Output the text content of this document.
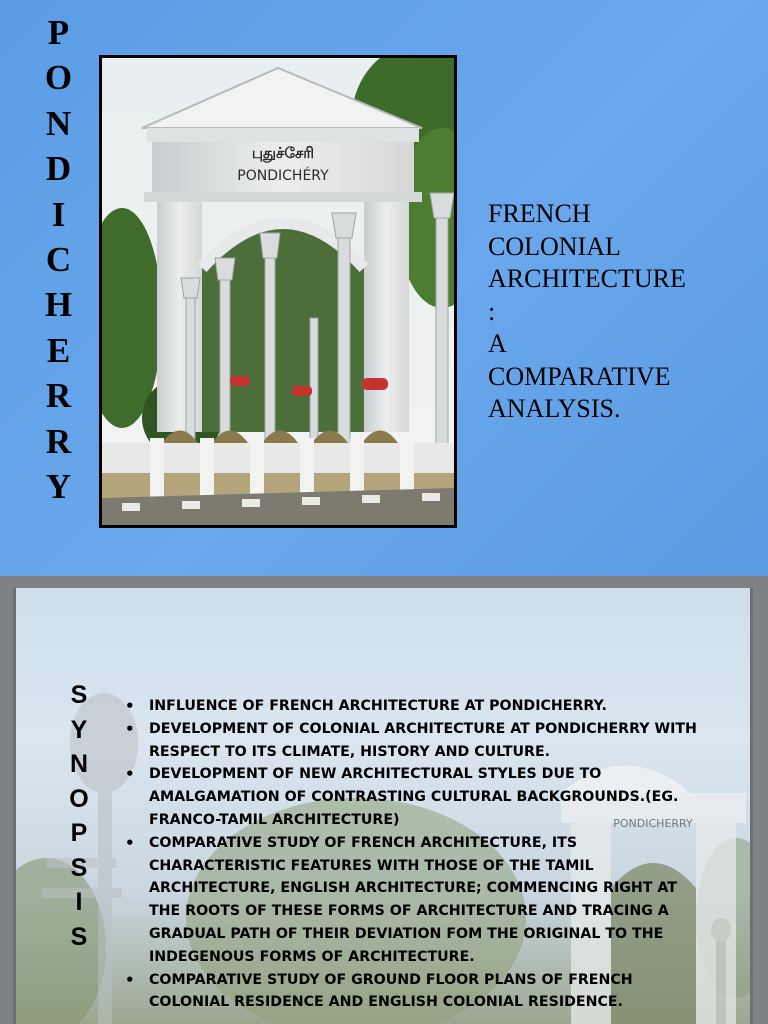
P
O
N
D
I
C
H
E
R
R
Y
புதுச்சேரி
PONDICHÉRY
FRENCH
COLONIAL
ARCHITECTURE
:
A
COMPARATIVE
ANALYSIS.
PONDICHERRY
S
Y
N
O
P
S
I
S
• INFLUENCE OF FRENCH ARCHITECTURE AT PONDICHERRY.
• DEVELOPMENT OF COLONIAL ARCHITECTURE AT PONDICHERRY WITH RESPECT TO ITS CLIMATE, HISTORY AND CULTURE.
• DEVELOPMENT OF NEW ARCHITECTURAL STYLES DUE TO AMALGAMATION OF CONTRASTING CULTURAL BACKGROUNDS.(EG. FRANCO-TAMIL ARCHITECTURE)
• COMPARATIVE STUDY OF FRENCH ARCHITECTURE, ITS CHARACTERISTIC FEATURES WITH THOSE OF THE TAMIL ARCHITECTURE, ENGLISH ARCHITECTURE; COMMENCING RIGHT AT THE ROOTS OF THESE FORMS OF ARCHITECTURE AND TRACING A GRADUAL PATH OF THEIR DEVIATION FOM THE ORIGINAL TO THE INDEGENOUS FORMS OF ARCHITECTURE.
• COMPARATIVE STUDY OF GROUND FLOOR PLANS OF FRENCH COLONIAL RESIDENCE AND ENGLISH COLONIAL RESIDENCE.
